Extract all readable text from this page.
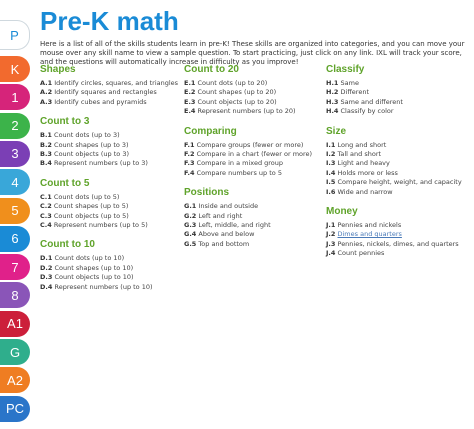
P
K
1
2
3
4
5
6
7
8
A1
G
A2
PC
Pre-K math

Here is a list of all of the skills students learn in pre-K! These skills are organized into categories, and you can move your mouse over any skill name to view a sample question. To start practicing, just click on any link. IXL will track your score, and the questions will automatically increase in difficulty as you improve!

Shapes
A.1 Identify circles, squares, and triangles
A.2 Identify squares and rectangles
A.3 Identify cubes and pyramids
Count to 3
B.1 Count dots (up to 3)
B.2 Count shapes (up to 3)
B.3 Count objects (up to 3)
B.4 Represent numbers (up to 3)
Count to 5
C.1 Count dots (up to 5)
C.2 Count shapes (up to 5)
C.3 Count objects (up to 5)
C.4 Represent numbers (up to 5)
Count to 10
D.1 Count dots (up to 10)
D.2 Count shapes (up to 10)
D.3 Count objects (up to 10)
D.4 Represent numbers (up to 10)
Count to 20
E.1 Count dots (up to 20)
E.2 Count shapes (up to 20)
E.3 Count objects (up to 20)
E.4 Represent numbers (up to 20)
Comparing
F.1 Compare groups (fewer or more)
F.2 Compare in a chart (fewer or more)
F.3 Compare in a mixed group
F.4 Compare numbers up to 5
Positions
G.1 Inside and outside
G.2 Left and right
G.3 Left, middle, and right
G.4 Above and below
G.5 Top and bottom
Classify
H.1 Same
H.2 Different
H.3 Same and different
H.4 Classify by color
Size
I.1 Long and short
I.2 Tall and short
I.3 Light and heavy
I.4 Holds more or less
I.5 Compare height, weight, and capacity
I.6 Wide and narrow
Money
J.1 Pennies and nickels
J.2 Dimes and quarters
J.3 Pennies, nickels, dimes, and quarters
J.4 Count pennies
